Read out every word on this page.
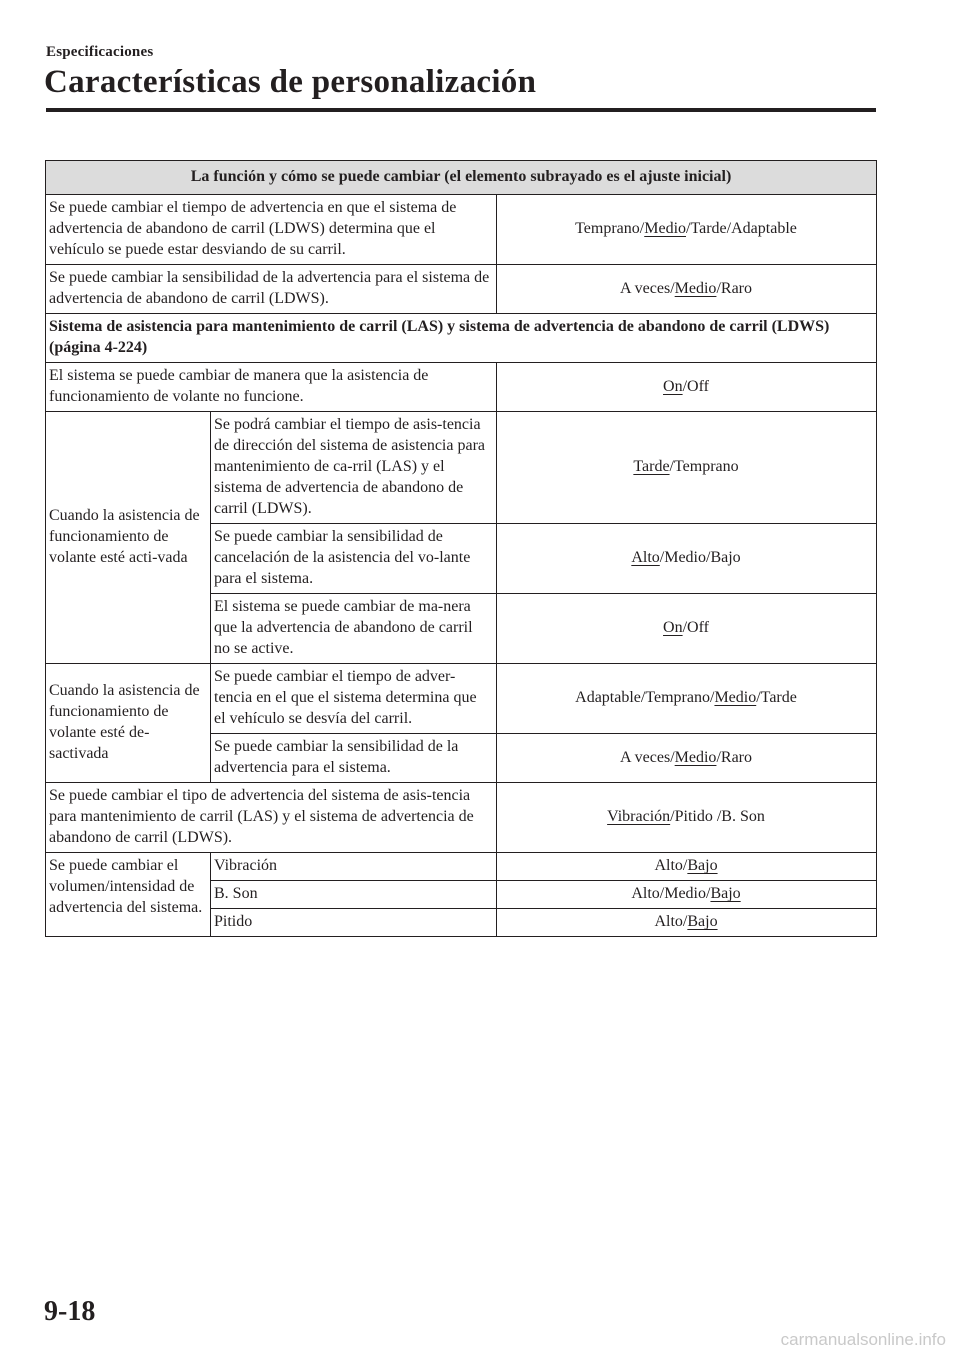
Especificaciones
Características de personalización
La función y cómo se puede cambiar (el elemento subrayado es el ajuste inicial)		
Se puede cambiar el tiempo de advertencia en que el sistema de advertencia de abandono de carril (LDWS) determina que el vehículo se puede estar desviando de su carril.		Temprano/Medio/Tarde/Adaptable
Se puede cambiar la sensibilidad de la advertencia para el sistema de advertencia de abandono de carril (LDWS).		A veces/Medio/Raro
Sistema de asistencia para mantenimiento de carril (LAS) y sistema de advertencia de abandono de carril (LDWS) (página 4-224)		
El sistema se puede cambiar de manera que la asistencia de funcionamiento de volante no funcione.		On/Off
Cuando la asistencia de funcionamiento de volante esté acti-vada	Se podrá cambiar el tiempo de asis-tencia de dirección del sistema de asistencia para mantenimiento de ca-rril (LAS) y el sistema de advertencia de abandono de carril (LDWS).	Tarde/Temprano
	Se puede cambiar la sensibilidad de cancelación de la asistencia del vo-lante para el sistema.	Alto/Medio/Bajo
	El sistema se puede cambiar de ma-nera que la advertencia de abandono de carril no se active.	On/Off
Cuando la asistencia de funcionamiento de volante esté de-sactivada	Se puede cambiar el tiempo de adver-tencia en el que el sistema determina que el vehículo se desvía del carril.	Adaptable/Temprano/Medio/Tarde
	Se puede cambiar la sensibilidad de la advertencia para el sistema.	A veces/Medio/Raro
Se puede cambiar el tipo de advertencia del sistema de asis-tencia para mantenimiento de carril (LAS) y el sistema de advertencia de abandono de carril (LDWS).		Vibración/Pitido /B. Son
Se puede cambiar el volumen/intensidad de advertencia del sistema.	Vibración	Alto/Bajo
	B. Son	Alto/Medio/Bajo
	Pitido	Alto/Bajo
9-18
carmanualsonline.info
